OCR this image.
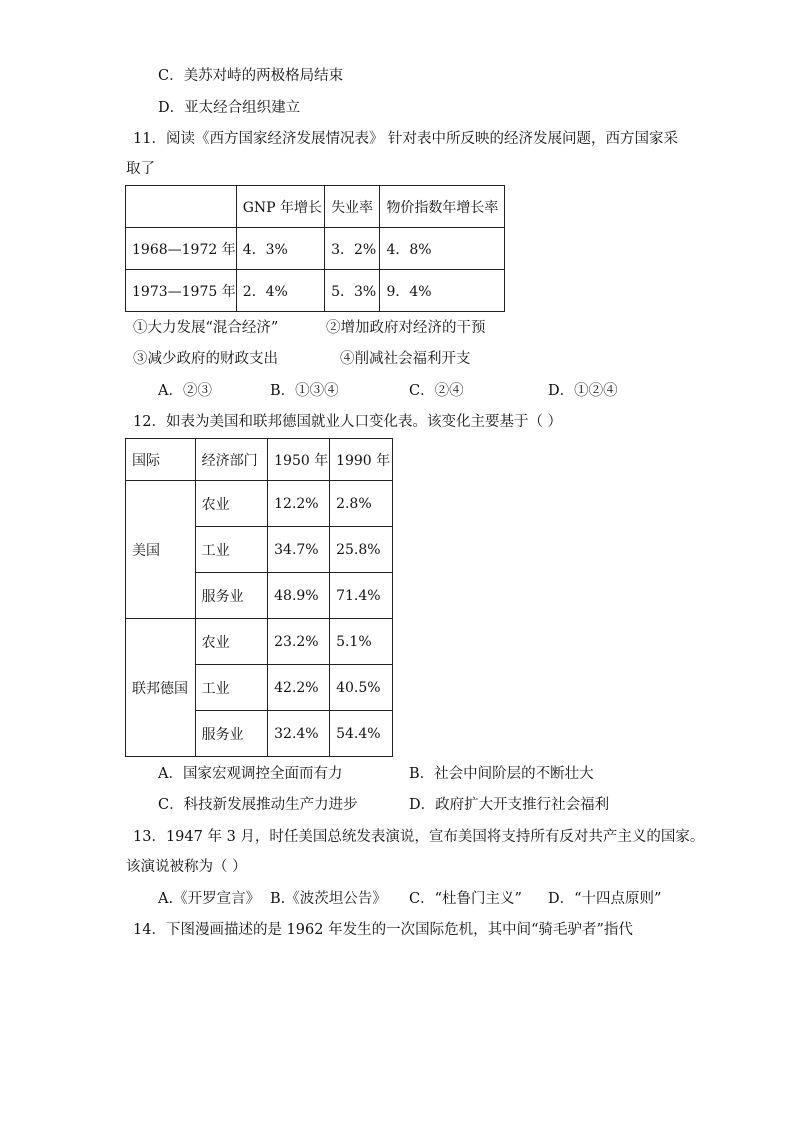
C．美苏对峙的两极格局结束
D．亚太经合组织建立
11．阅读《西方国家经济发展情况表》 针对表中所反映的经济发展问题，西方国家采
取了
	GNP 年增长	失业率	物价指数年增长率
1968—1972 年	4．3%	3．2%	4．8%
1973—1975 年	2．4%	5．3%	9．4%
①大力发展“混合经济”	②增加政府对经济的干预
③减少政府的财政支出	④削减社会福利开支
A．②③	B．①③④	C．②④	D．①②④
12．如表为美国和联邦德国就业人口变化表。该变化主要基于（ ）
国际	经济部门	1950 年	1990 年
美国	农业	12.2%	2.8%
	工业	34.7%	25.8%
	服务业	48.9%	71.4%
联邦德国	农业	23.2%	5.1%
	工业	42.2%	40.5%
	服务业	32.4%	54.4%
A．国家宏观调控全面而有力	B．社会中间阶层的不断壮大
C．科技新发展推动生产力进步	D．政府扩大开支推行社会福利
13．1947 年 3 月，时任美国总统发表演说，宣布美国将支持所有反对共产主义的国家。
该演说被称为（ ）
A.《开罗宣言》 B.《波茨坦公告》 C．“杜鲁门主义” D．“十四点原则”
14．下图漫画描述的是 1962 年发生的一次国际危机，其中间“骑毛驴者”指代
